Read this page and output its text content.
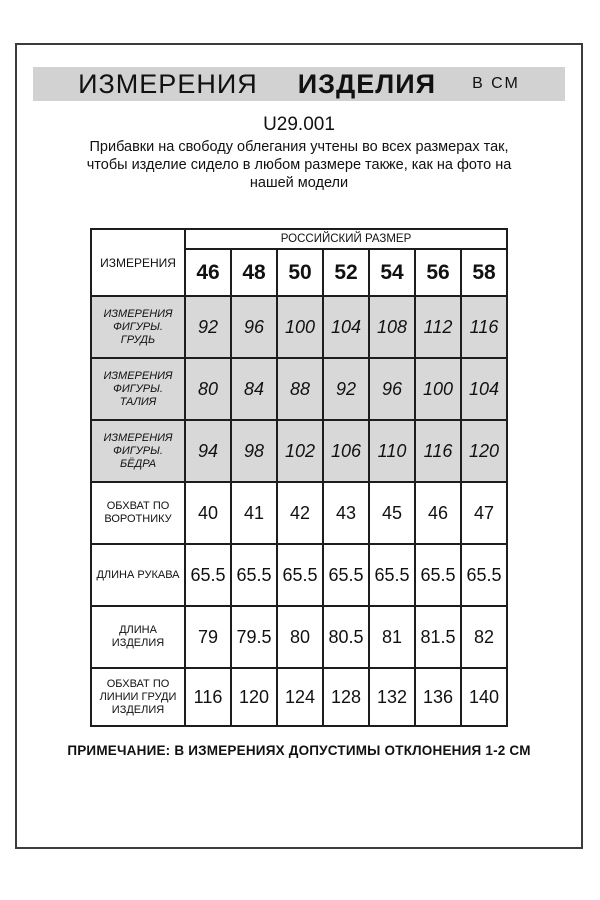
ИЗМЕРЕНИЯ ИЗДЕЛИЯ В СМ
U29.001
Прибавки на свободу облегания учтены во всех размерах так, чтобы изделие сидело в любом размере также, как на фото на нашей модели
ИЗМЕРЕНИЯ	РОССИЙСКИЙ РАЗМЕР						
	46	48	50	52	54	56	58
ИЗМЕРЕНИЯ ФИГУРЫ. ГРУДЬ	92	96	100	104	108	112	116
ИЗМЕРЕНИЯ ФИГУРЫ. ТАЛИЯ	80	84	88	92	96	100	104
ИЗМЕРЕНИЯ ФИГУРЫ. БЁДРА	94	98	102	106	110	116	120
ОБХВАТ ПО ВОРОТНИКУ	40	41	42	43	45	46	47
ДЛИНА РУКАВА	65.5	65.5	65.5	65.5	65.5	65.5	65.5
ДЛИНА ИЗДЕЛИЯ	79	79.5	80	80.5	81	81.5	82
ОБХВАТ ПО ЛИНИИ ГРУДИ ИЗДЕЛИЯ	116	120	124	128	132	136	140
ПРИМЕЧАНИЕ: В ИЗМЕРЕНИЯХ ДОПУСТИМЫ ОТКЛОНЕНИЯ 1-2 СМ
